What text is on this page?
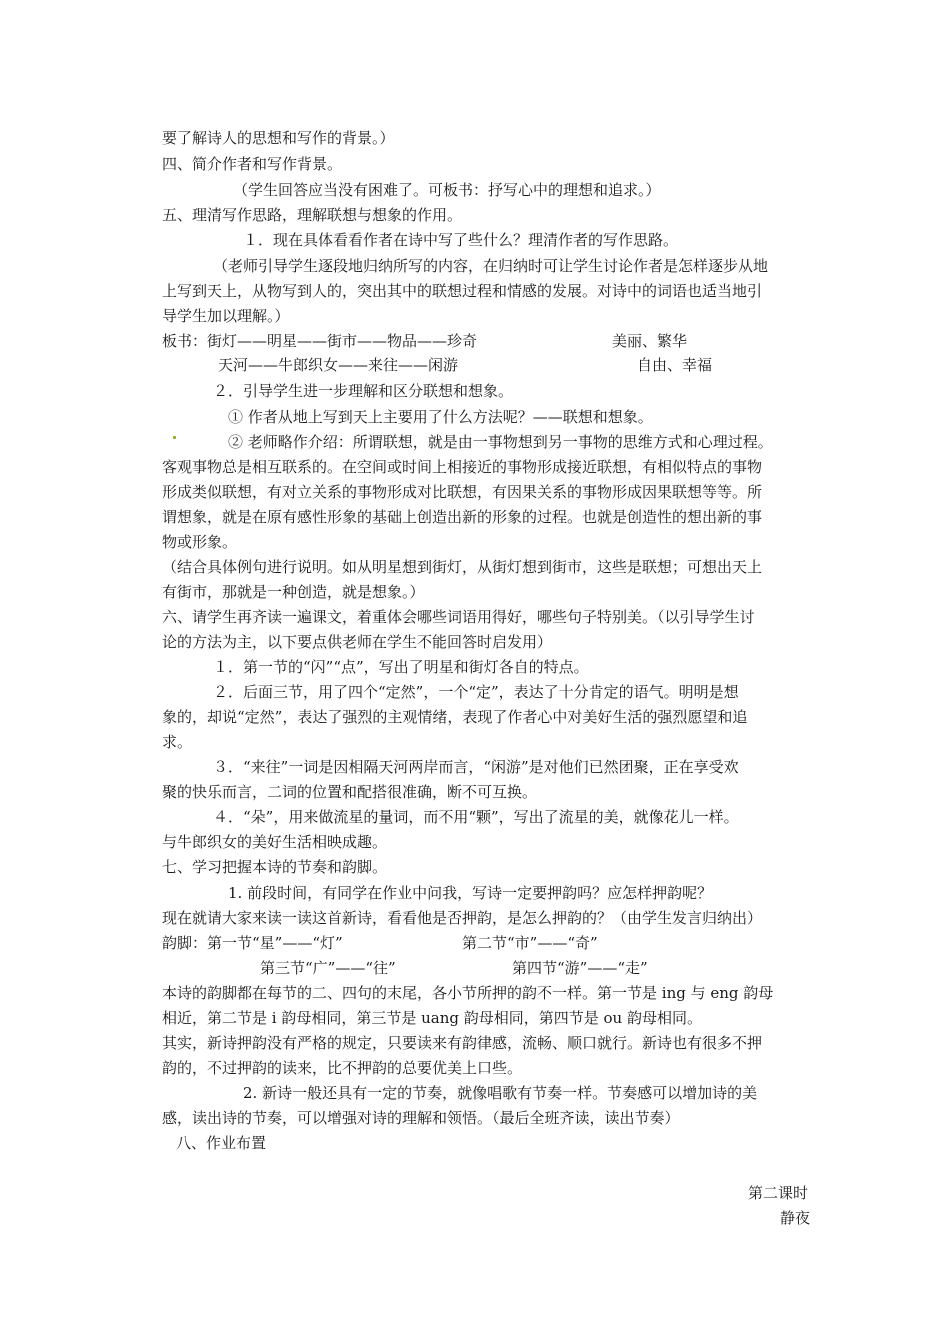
要了解诗人的思想和写作的背景。）
四、简介作者和写作背景。
（学生回答应当没有困难了。可板书：抒写心中的理想和追求。）
五、理清写作思路，理解联想与想象的作用。
１．现在具体看看作者在诗中写了些什么？理清作者的写作思路。
（老师引导学生逐段地归纳所写的内容，在归纳时可让学生讨论作者是怎样逐步从地
上写到天上，从物写到人的，突出其中的联想过程和情感的发展。对诗中的词语也适当地引
导学生加以理解。）
板书：街灯——明星——街市——物品——珍奇	美丽、繁华
天河——牛郎织女——来往——闲游	自由、幸福
２．引导学生进一步理解和区分联想和想象。
① 作者从地上写到天上主要用了什么方法呢？——联想和想象。
② 老师略作介绍：所谓联想，就是由一事物想到另一事物的思维方式和心理过程。
客观事物总是相互联系的。在空间或时间上相接近的事物形成接近联想，有相似特点的事物
形成类似联想，有对立关系的事物形成对比联想，有因果关系的事物形成因果联想等等。所
谓想象，就是在原有感性形象的基础上创造出新的形象的过程。也就是创造性的想出新的事
物或形象。
（结合具体例句进行说明。如从明星想到街灯，从街灯想到街市，这些是联想；可想出天上
有街市，那就是一种创造，就是想象。）
六、请学生再齐读一遍课文，着重体会哪些词语用得好，哪些句子特别美。（以引导学生讨
论的方法为主，以下要点供老师在学生不能回答时启发用）
１．第一节的“闪”“点”，写出了明星和街灯各自的特点。
２．后面三节，用了四个“定然”，一个“定”，表达了十分肯定的语气。明明是想
象的，却说“定然”，表达了强烈的主观情绪，表现了作者心中对美好生活的强烈愿望和追
求。
３．“来往”一词是因相隔天河两岸而言，“闲游”是对他们已然团聚，正在享受欢
聚的快乐而言，二词的位置和配搭很准确，断不可互换。
４．“朵”，用来做流星的量词，而不用“颗”，写出了流星的美，就像花儿一样。
与牛郎织女的美好生活相映成趣。
七、学习把握本诗的节奏和韵脚。
1. 前段时间，有同学在作业中问我，写诗一定要押韵吗？应怎样押韵呢？
现在就请大家来读一读这首新诗，看看他是否押韵，是怎么押韵的？（由学生发言归纳出）
韵脚：第一节“星”——“灯”	第二节“市”——“奇”
第三节“广”——“往”	第四节“游”——“走”
本诗的韵脚都在每节的二、四句的末尾，各小节所押的韵不一样。第一节是 ing 与 eng 韵母
相近，第二节是 i 韵母相同，第三节是 uang 韵母相同，第四节是 ou 韵母相同。
其实，新诗押韵没有严格的规定，只要读来有韵律感，流畅、顺口就行。新诗也有很多不押
韵的，不过押韵的读来，比不押韵的总要优美上口些。
2. 新诗一般还具有一定的节奏，就像唱歌有节奏一样。节奏感可以增加诗的美
感，读出诗的节奏，可以增强对诗的理解和领悟。（最后全班齐读，读出节奏）
八、作业布置
第二课时
静夜
